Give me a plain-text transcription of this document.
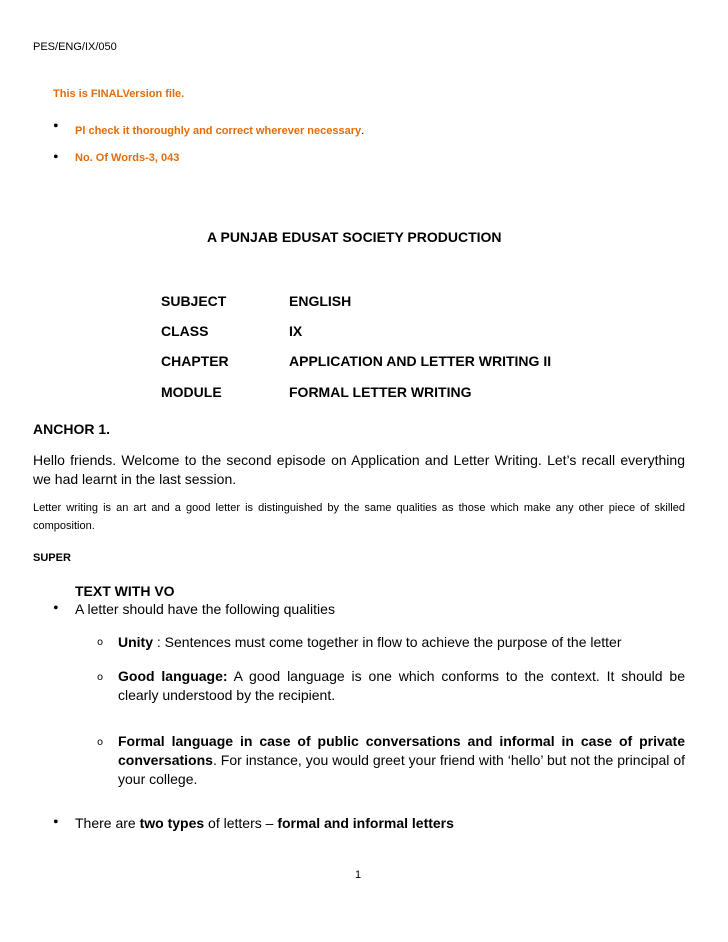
PES/ENG/IX/050
This is FINALVersion file.
• Pl check it thoroughly and correct wherever necessary.
• No. Of Words-3, 043
A PUNJAB EDUSAT SOCIETY PRODUCTION
SUBJECT	ENGLISH
CLASS	IX
CHAPTER	APPLICATION AND LETTER WRITING II
MODULE	FORMAL LETTER WRITING
ANCHOR 1.
Hello friends. Welcome to the second episode on Application and Letter Writing. Let’s recall everything we had learnt in the last session.
Letter writing is an art and a good letter is distinguished by the same qualities as those which make any other piece of skilled composition.
SUPER
TEXT WITH VO
• A letter should have the following qualities
o Unity : Sentences must come together in flow to achieve the purpose of the letter
o Good language: A good language is one which conforms to the context. It should be clearly understood by the recipient.
o Formal language in case of public conversations and informal in case of private conversations. For instance, you would greet your friend with ‘hello’ but not the principal of your college.
• There are two types of letters – formal and informal letters
1
